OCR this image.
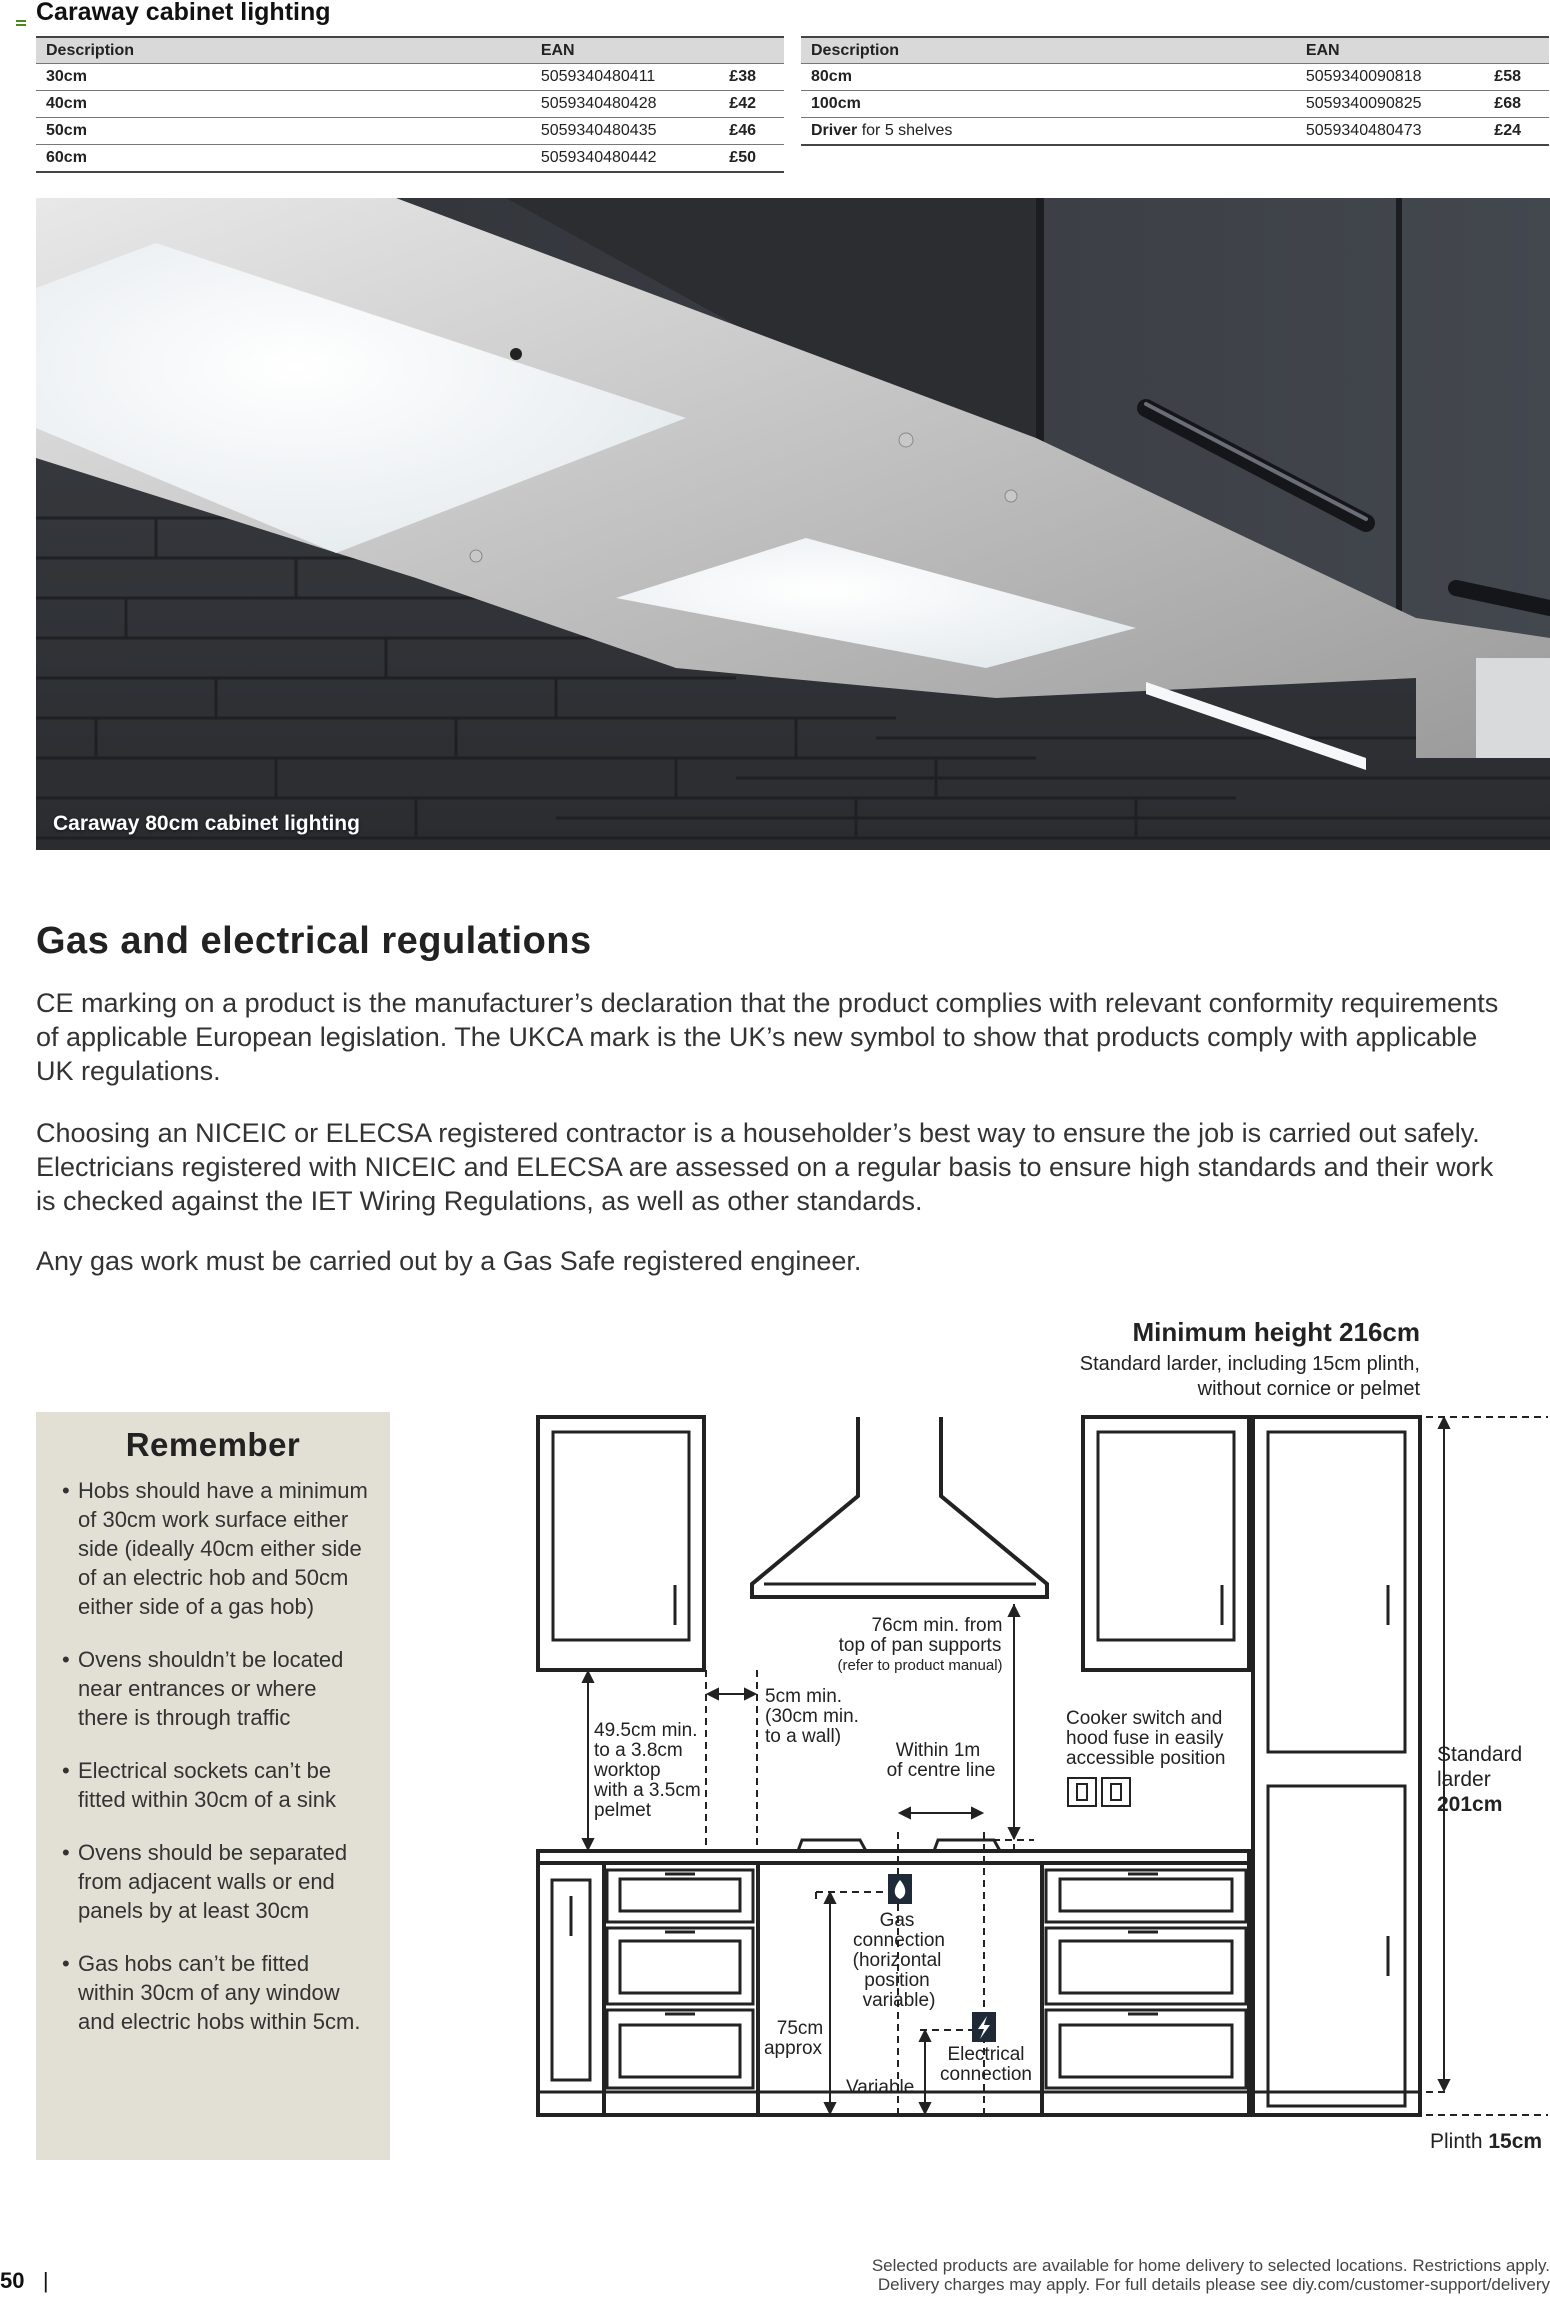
Caraway cabinet lighting
Description	EAN	
30cm	5059340480411	£38
40cm	5059340480428	£42
50cm	5059340480435	£46
60cm	5059340480442	£50
Description	EAN	
80cm	5059340090818	£58
100cm	5059340090825	£68
Driver for 5 shelves	5059340480473	£24
Caraway 80cm cabinet lighting
Gas and electrical regulations
CE marking on a product is the manufacturer’s declaration that the product complies with relevant conformity requirements of applicable European legislation. The UKCA mark is the UK’s new symbol to show that products comply with applicable UK regulations.
Choosing an NICEIC or ELECSA registered contractor is a householder’s best way to ensure the job is carried out safely. Electricians registered with NICEIC and ELECSA are assessed on a regular basis to ensure high standards and their work is checked against the IET Wiring Regulations, as well as other standards.
Any gas work must be carried out by a Gas Safe registered engineer.
Remember
• Hobs should have a minimum of 30cm work surface either side (ideally 40cm either side of an electric hob and 50cm either side of a gas hob)
• Ovens shouldn’t be located near entrances or where there is through traffic
• Electrical sockets can’t be fitted within 30cm of a sink
• Ovens should be separated from adjacent walls or end panels by at least 30cm
• Gas hobs can’t be fitted within 30cm of any window and electric hobs within 5cm.
Minimum height 216cm
Standard larder, including 15cm plinth,
without cornice or pelmet
76cm min. from
top of pan supports
(refer to product manual)
5cm min.
(30cm min.
to a wall)
49.5cm min.
to a 3.8cm
worktop
with a 3.5cm
pelmet
Within 1m
of centre line
Cooker switch and
hood fuse in easily
accessible position
Gas
connection
(horizontal
position
variable)
75cm
approx
Variable
Electrical
connection
Standard
larder
201cm
Plinth 15cm
50 |
Selected products are available for home delivery to selected locations. Restrictions apply.
Delivery charges may apply. For full details please see diy.com/customer-support/delivery
